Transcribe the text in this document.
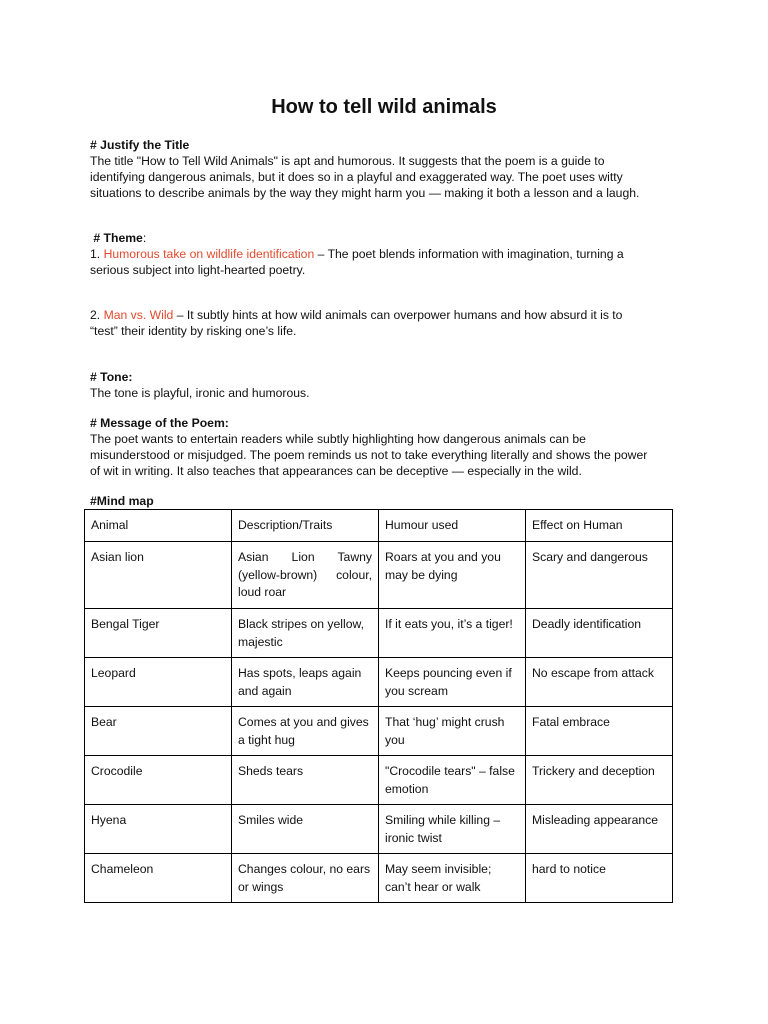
How to tell wild animals
# Justify the Title
The title "How to Tell Wild Animals" is apt and humorous. It suggests that the poem is a guide to
identifying dangerous animals, but it does so in a playful and exaggerated way. The poet uses witty
situations to describe animals by the way they might harm you — making it both a lesson and a laugh.
# Theme:
1. Humorous take on wildlife identification – The poet blends information with imagination, turning a
serious subject into light-hearted poetry.
2. Man vs. Wild – It subtly hints at how wild animals can overpower humans and how absurd it is to
“test” their identity by risking one’s life.
# Tone:
The tone is playful, ironic and humorous.
# Message of the Poem:
The poet wants to entertain readers while subtly highlighting how dangerous animals can be
misunderstood or misjudged. The poem reminds us not to take everything literally and shows the power
of wit in writing. It also teaches that appearances can be deceptive — especially in the wild.
#Mind map
Animal	Description/Traits	Humour used	Effect on Human
Asian lion	Asian Lion Tawny (yellow-brown) colour, loud roar	Roars at you and you may be dying	Scary and dangerous
Bengal Tiger	Black stripes on yellow, majestic	If it eats you, it’s a tiger!	Deadly identification
Leopard	Has spots, leaps again and again	Keeps pouncing even if you scream	No escape from attack
Bear	Comes at you and gives a tight hug	That ‘hug’ might crush you	Fatal embrace
Crocodile	Sheds tears	"Crocodile tears" – false emotion	Trickery and deception
Hyena	Smiles wide	Smiling while killing – ironic twist	Misleading appearance
Chameleon	Changes colour, no ears or wings	May seem invisible; can’t hear or walk	hard to notice
